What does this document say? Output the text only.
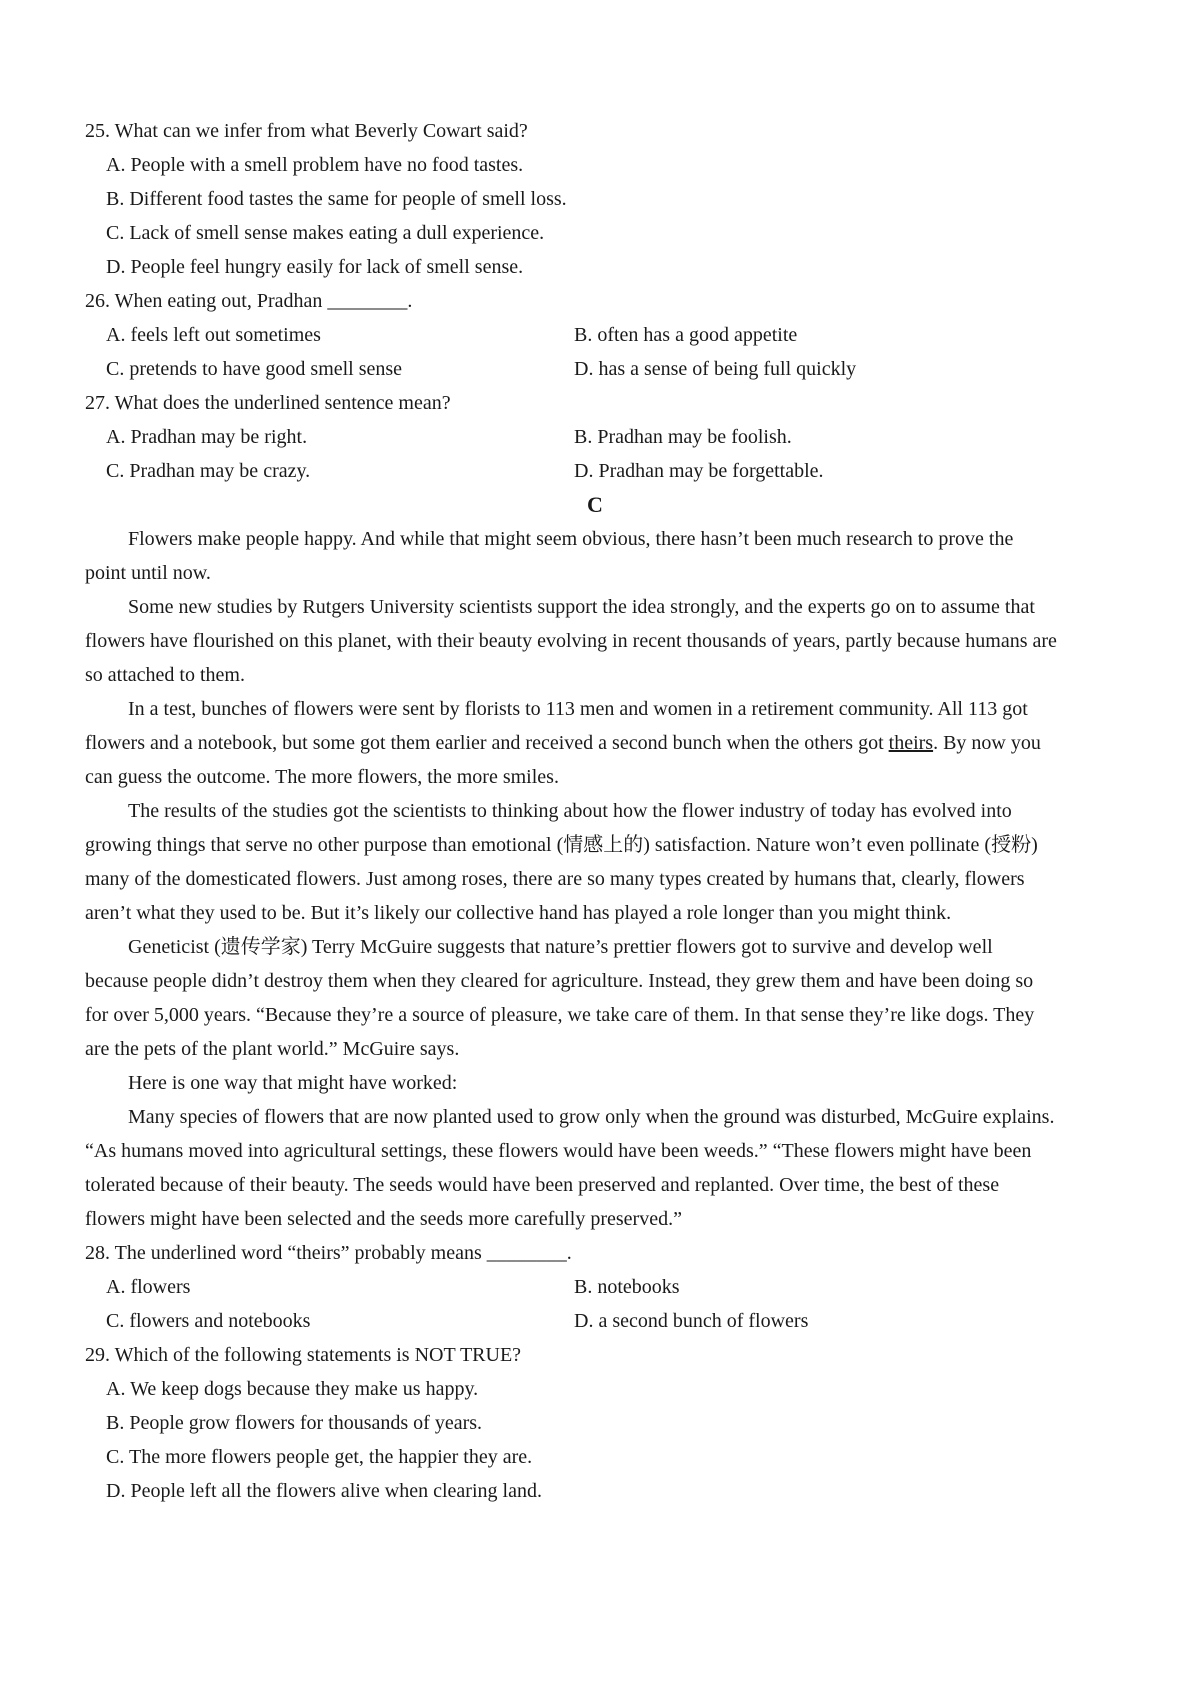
25. What can we infer from what Beverly Cowart said?
A. People with a smell problem have no food tastes.
B. Different food tastes the same for people of smell loss.
C. Lack of smell sense makes eating a dull experience.
D. People feel hungry easily for lack of smell sense.
26. When eating out, Pradhan ________.
A. feels left out sometimes	B. often has a good appetite
C. pretends to have good smell sense	D. has a sense of being full quickly
27. What does the underlined sentence mean?
A. Pradhan may be right.	B. Pradhan may be foolish.
C. Pradhan may be crazy.	D. Pradhan may be forgettable.
C
Flowers make people happy. And while that might seem obvious, there hasn’t been much research to prove the
point until now.
Some new studies by Rutgers University scientists support the idea strongly, and the experts go on to assume that
flowers have flourished on this planet, with their beauty evolving in recent thousands of years, partly because humans are
so attached to them.
In a test, bunches of flowers were sent by florists to 113 men and women in a retirement community. All 113 got
flowers and a notebook, but some got them earlier and received a second bunch when the others got theirs. By now you
can guess the outcome. The more flowers, the more smiles.
The results of the studies got the scientists to thinking about how the flower industry of today has evolved into
growing things that serve no other purpose than emotional (情感上的) satisfaction. Nature won’t even pollinate (授粉)
many of the domesticated flowers. Just among roses, there are so many types created by humans that, clearly, flowers
aren’t what they used to be. But it’s likely our collective hand has played a role longer than you might think.
Geneticist (遗传学家) Terry McGuire suggests that nature’s prettier flowers got to survive and develop well
because people didn’t destroy them when they cleared for agriculture. Instead, they grew them and have been doing so
for over 5,000 years. “Because they’re a source of pleasure, we take care of them. In that sense they’re like dogs. They
are the pets of the plant world.” McGuire says.
Here is one way that might have worked:
Many species of flowers that are now planted used to grow only when the ground was disturbed, McGuire explains.
“As humans moved into agricultural settings, these flowers would have been weeds.” “These flowers might have been
tolerated because of their beauty. The seeds would have been preserved and replanted. Over time, the best of these
flowers might have been selected and the seeds more carefully preserved.”
28. The underlined word “theirs” probably means ________.
A. flowers	B. notebooks
C. flowers and notebooks	D. a second bunch of flowers
29. Which of the following statements is NOT TRUE?
A. We keep dogs because they make us happy.
B. People grow flowers for thousands of years.
C. The more flowers people get, the happier they are.
D. People left all the flowers alive when clearing land.
